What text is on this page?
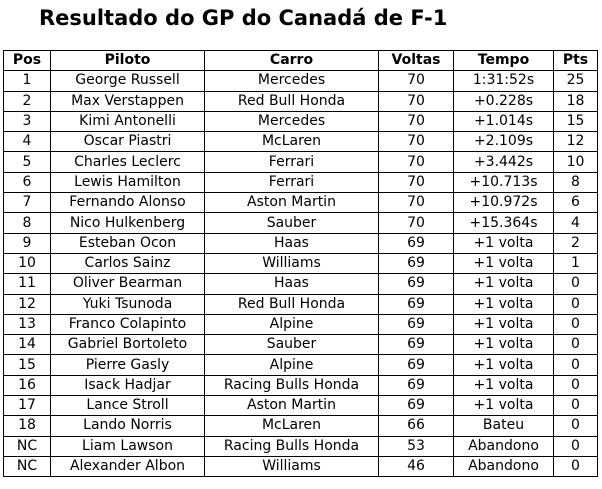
Resultado do GP do Canadá de F-1
Pos	Piloto	Carro	Voltas	Tempo	Pts
1	George Russell	Mercedes	70	1:31:52s	25
2	Max Verstappen	Red Bull Honda	70	+0.228s	18
3	Kimi Antonelli	Mercedes	70	+1.014s	15
4	Oscar Piastri	McLaren	70	+2.109s	12
5	Charles Leclerc	Ferrari	70	+3.442s	10
6	Lewis Hamilton	Ferrari	70	+10.713s	8
7	Fernando Alonso	Aston Martin	70	+10.972s	6
8	Nico Hulkenberg	Sauber	70	+15.364s	4
9	Esteban Ocon	Haas	69	+1 volta	2
10	Carlos Sainz	Williams	69	+1 volta	1
11	Oliver Bearman	Haas	69	+1 volta	0
12	Yuki Tsunoda	Red Bull Honda	69	+1 volta	0
13	Franco Colapinto	Alpine	69	+1 volta	0
14	Gabriel Bortoleto	Sauber	69	+1 volta	0
15	Pierre Gasly	Alpine	69	+1 volta	0
16	Isack Hadjar	Racing Bulls Honda	69	+1 volta	0
17	Lance Stroll	Aston Martin	69	+1 volta	0
18	Lando Norris	McLaren	66	Bateu	0
NC	Liam Lawson	Racing Bulls Honda	53	Abandono	0
NC	Alexander Albon	Williams	46	Abandono	0
